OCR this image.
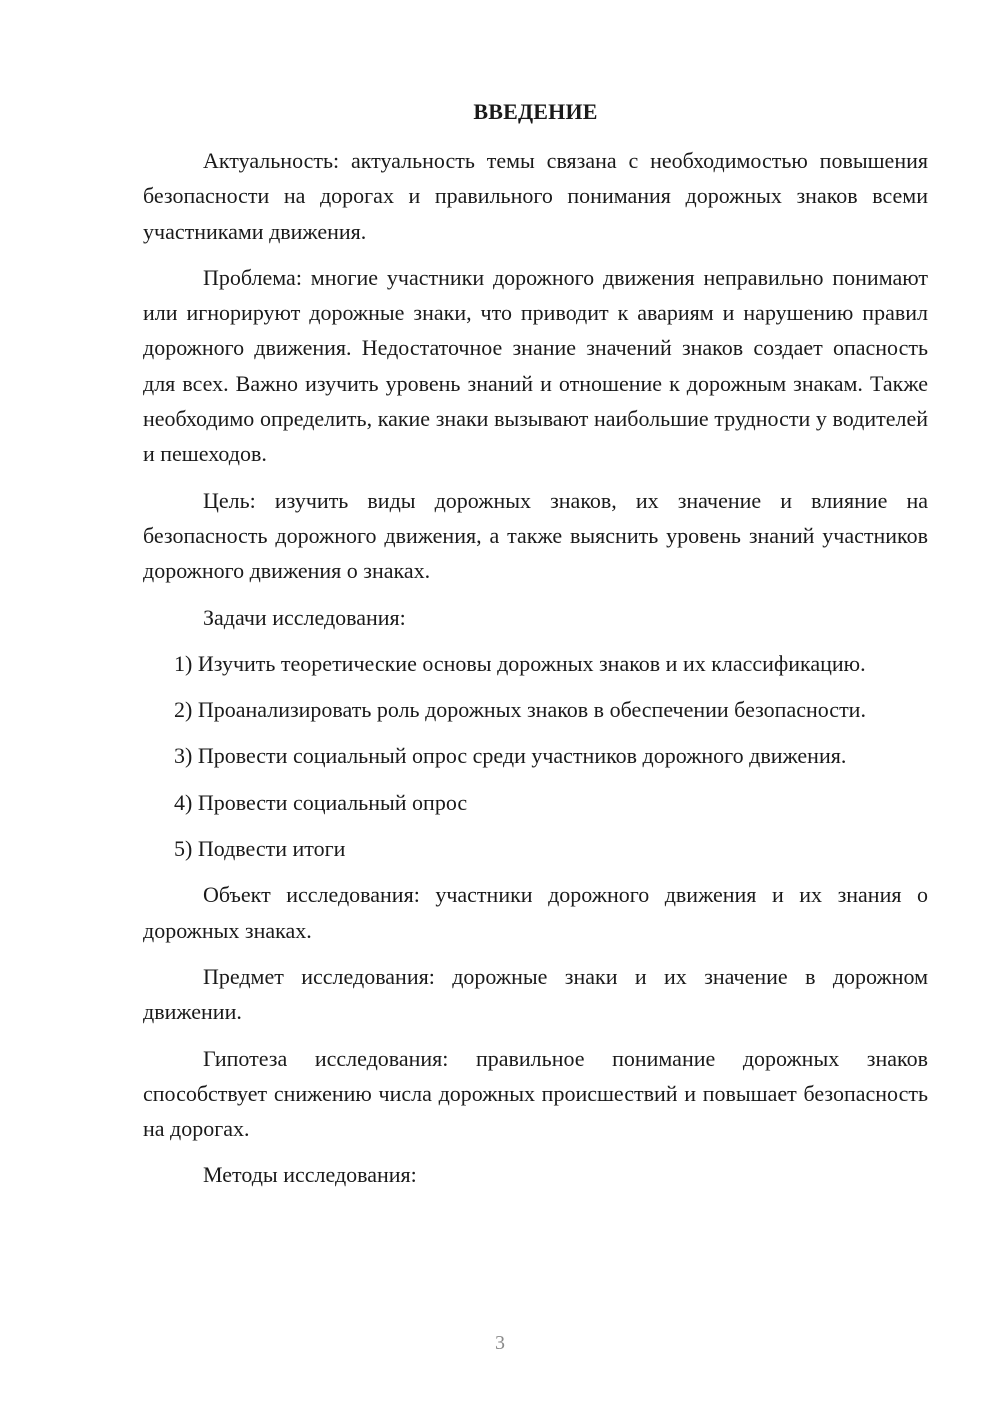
ВВЕДЕНИЕ

Актуальность: актуальность темы связана с необходимостью повышения безопасности на дорогах и правильного понимания дорожных знаков всеми участниками движения.

Проблема: многие участники дорожного движения неправильно понимают или игнорируют дорожные знаки, что приводит к авариям и нарушению правил дорожного движения. Недостаточное знание значений знаков создает опасность для всех. Важно изучить уровень знаний и отношение к дорожным знакам. Также необходимо определить, какие знаки вызывают наибольшие трудности у водителей и пешеходов.

Цель: изучить виды дорожных знаков, их значение и влияние на безопасность дорожного движения, а также выяснить уровень знаний участников дорожного движения о знаках.

Задачи исследования:

1) Изучить теоретические основы дорожных знаков и их классификацию.

2) Проанализировать роль дорожных знаков в обеспечении безопасности.

3) Провести социальный опрос среди участников дорожного движения.

4) Провести социальный опрос

5) Подвести итоги

Объект исследования: участники дорожного движения и их знания о дорожных знаках.

Предмет исследования: дорожные знаки и их значение в дорожном движении.

Гипотеза исследования: правильное понимание дорожных знаков способствует снижению числа дорожных происшествий и повышает безопасность на дорогах.

Методы исследования:

3
